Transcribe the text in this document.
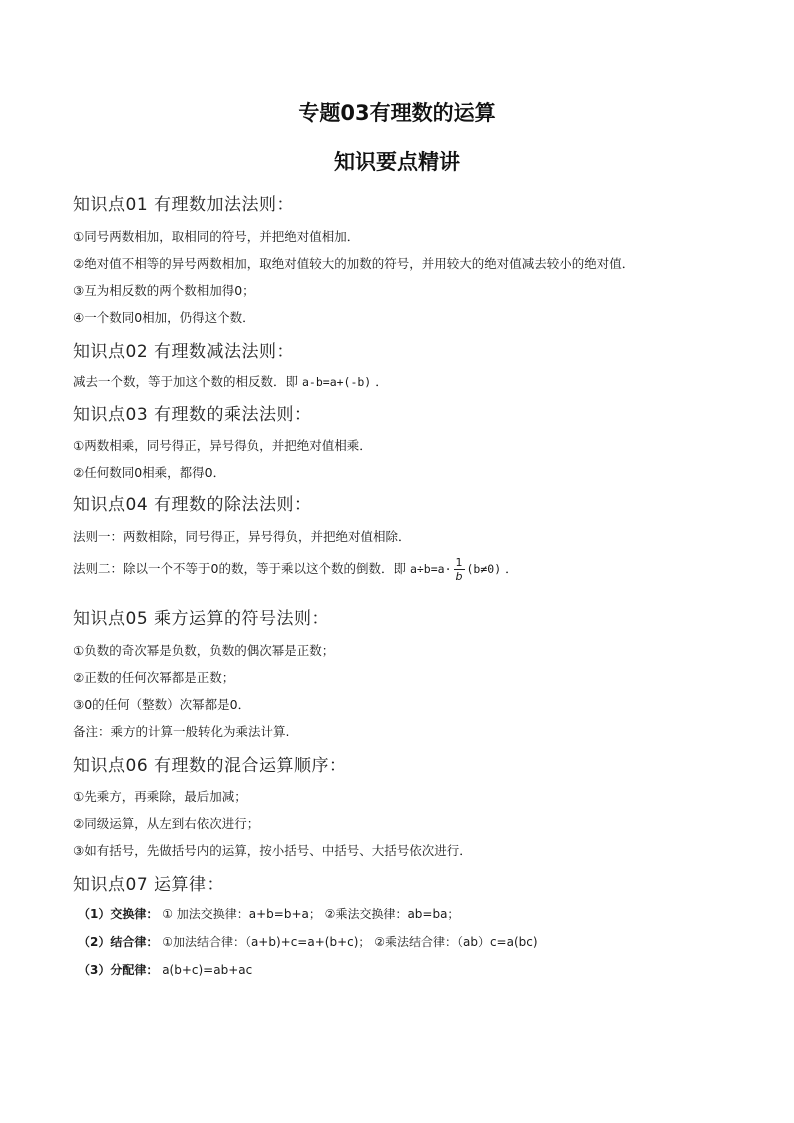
专题03有理数的运算
知识要点精讲
知识点01 有理数加法法则：
①同号两数相加，取相同的符号，并把绝对值相加．
②绝对值不相等的异号两数相加，取绝对值较大的加数的符号，并用较大的绝对值减去较小的绝对值．
③互为相反数的两个数相加得0；
④一个数同0相加，仍得这个数．
知识点02 有理数减法法则：
减去一个数，等于加这个数的相反数．即 a-b=a+(-b) ．
知识点03 有理数的乘法法则：
①两数相乘，同号得正，异号得负，并把绝对值相乘．
②任何数同0相乘，都得0．
知识点04 有理数的除法法则：
法则一：两数相除，同号得正，异号得负，并把绝对值相除．
法则二：除以一个不等于0的数，等于乘以这个数的倒数．即 $a\div b=a\cdot \frac{1}{b} (b\ne 0)$ ．
知识点05 乘方运算的符号法则：
①负数的奇次幂是负数，负数的偶次幂是正数；
②正数的任何次幂都是正数；
③0的任何（整数）次幂都是0．
备注：乘方的计算一般转化为乘法计算.
知识点06 有理数的混合运算顺序：
①先乘方，再乘除，最后加减；
②同级运算，从左到右依次进行；
③如有括号，先做括号内的运算，按小括号、中括号、大括号依次进行．
知识点07 运算律：
（1）交换律： ① 加法交换律：a+b=b+a； ②乘法交换律：ab=ba；
（2）结合律： ①加法结合律：（a+b)+c=a+(b+c)； ②乘法结合律：（ab）c=a(bc)
（3）分配律： a(b+c)=ab+ac
